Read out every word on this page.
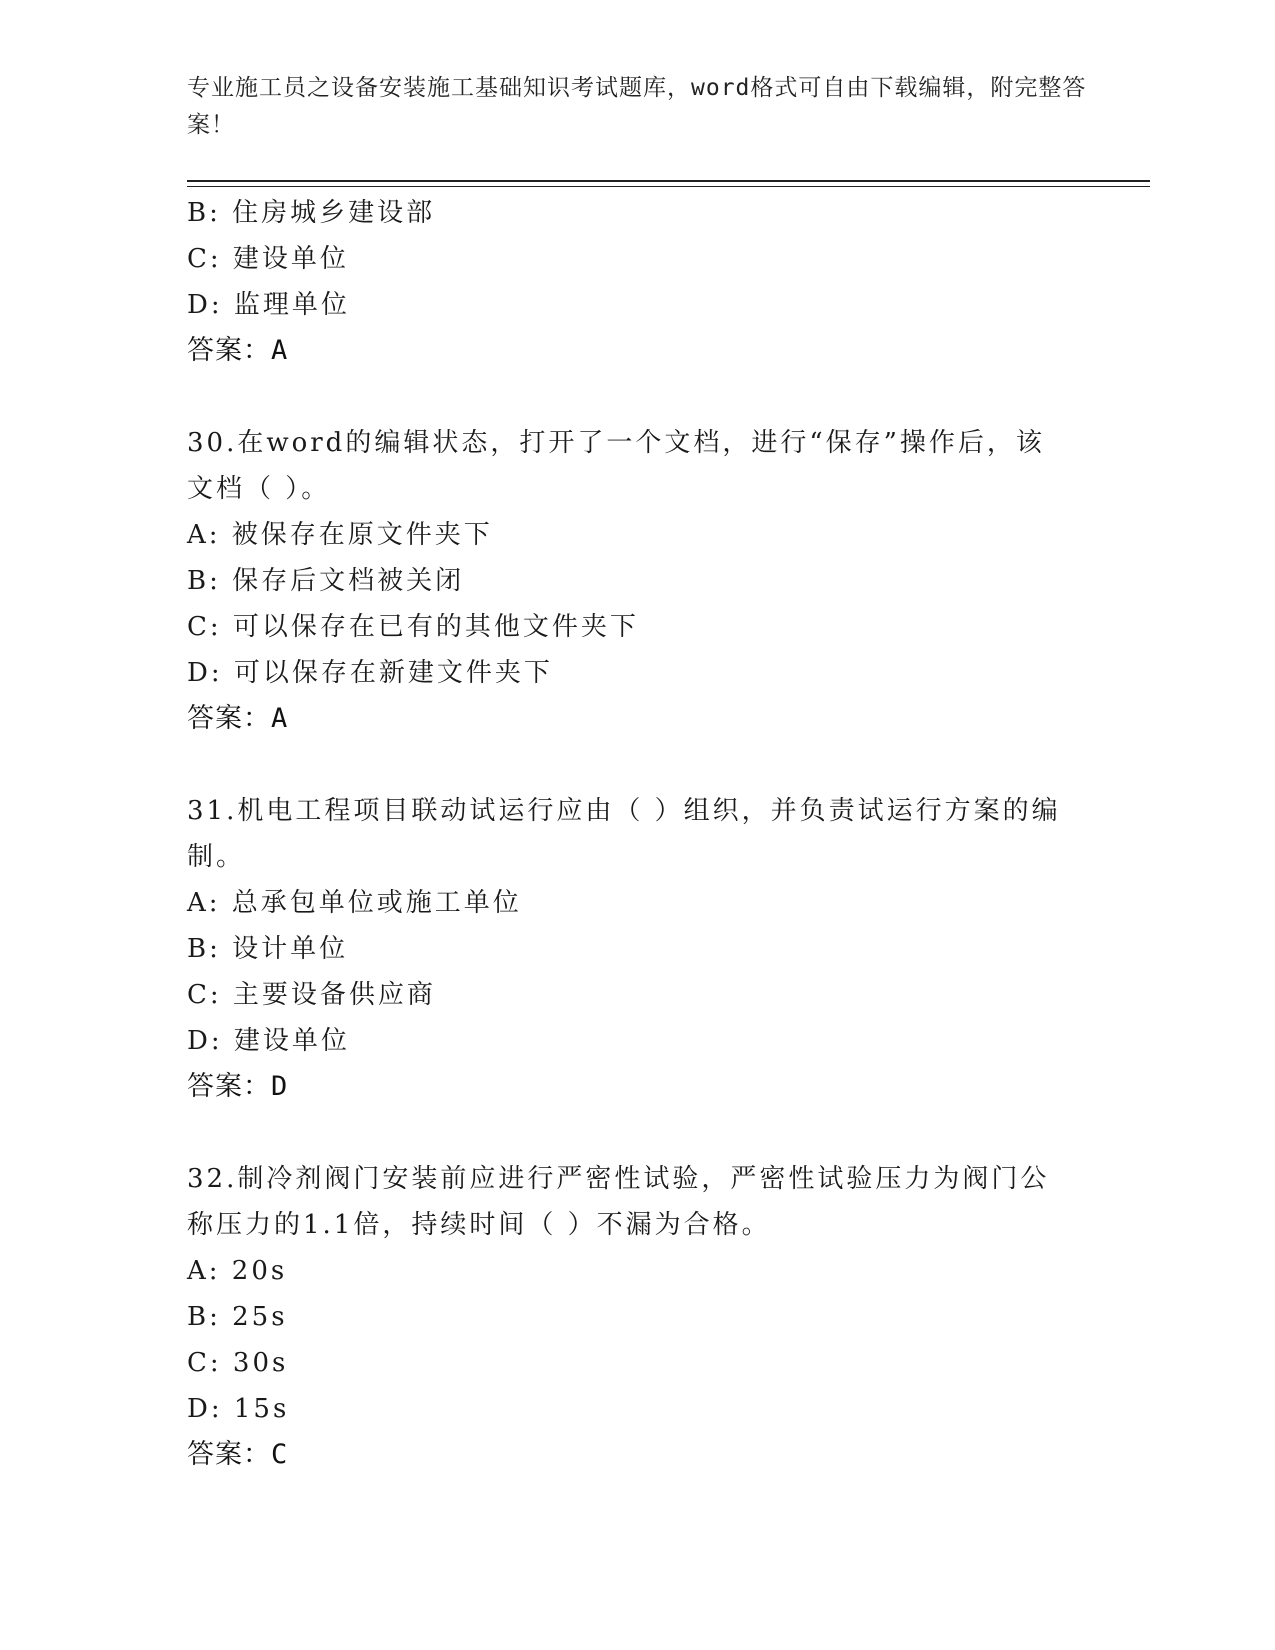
专业施工员之设备安装施工基础知识考试题库，word格式可自由下载编辑，附完整答案！
B: 住房城乡建设部
C: 建设单位
D: 监理单位
答案：A
30.在word的编辑状态，打开了一个文档，进行“保存”操作后，该文档（ ）。
A: 被保存在原文件夹下
B: 保存后文档被关闭
C: 可以保存在已有的其他文件夹下
D: 可以保存在新建文件夹下
答案：A
31.机电工程项目联动试运行应由（ ）组织，并负责试运行方案的编制。
A: 总承包单位或施工单位
B: 设计单位
C: 主要设备供应商
D: 建设单位
答案：D
32.制冷剂阀门安装前应进行严密性试验，严密性试验压力为阀门公称压力的1.1倍，持续时间（ ）不漏为合格。
A: 20s
B: 25s
C: 30s
D: 15s
答案：C
